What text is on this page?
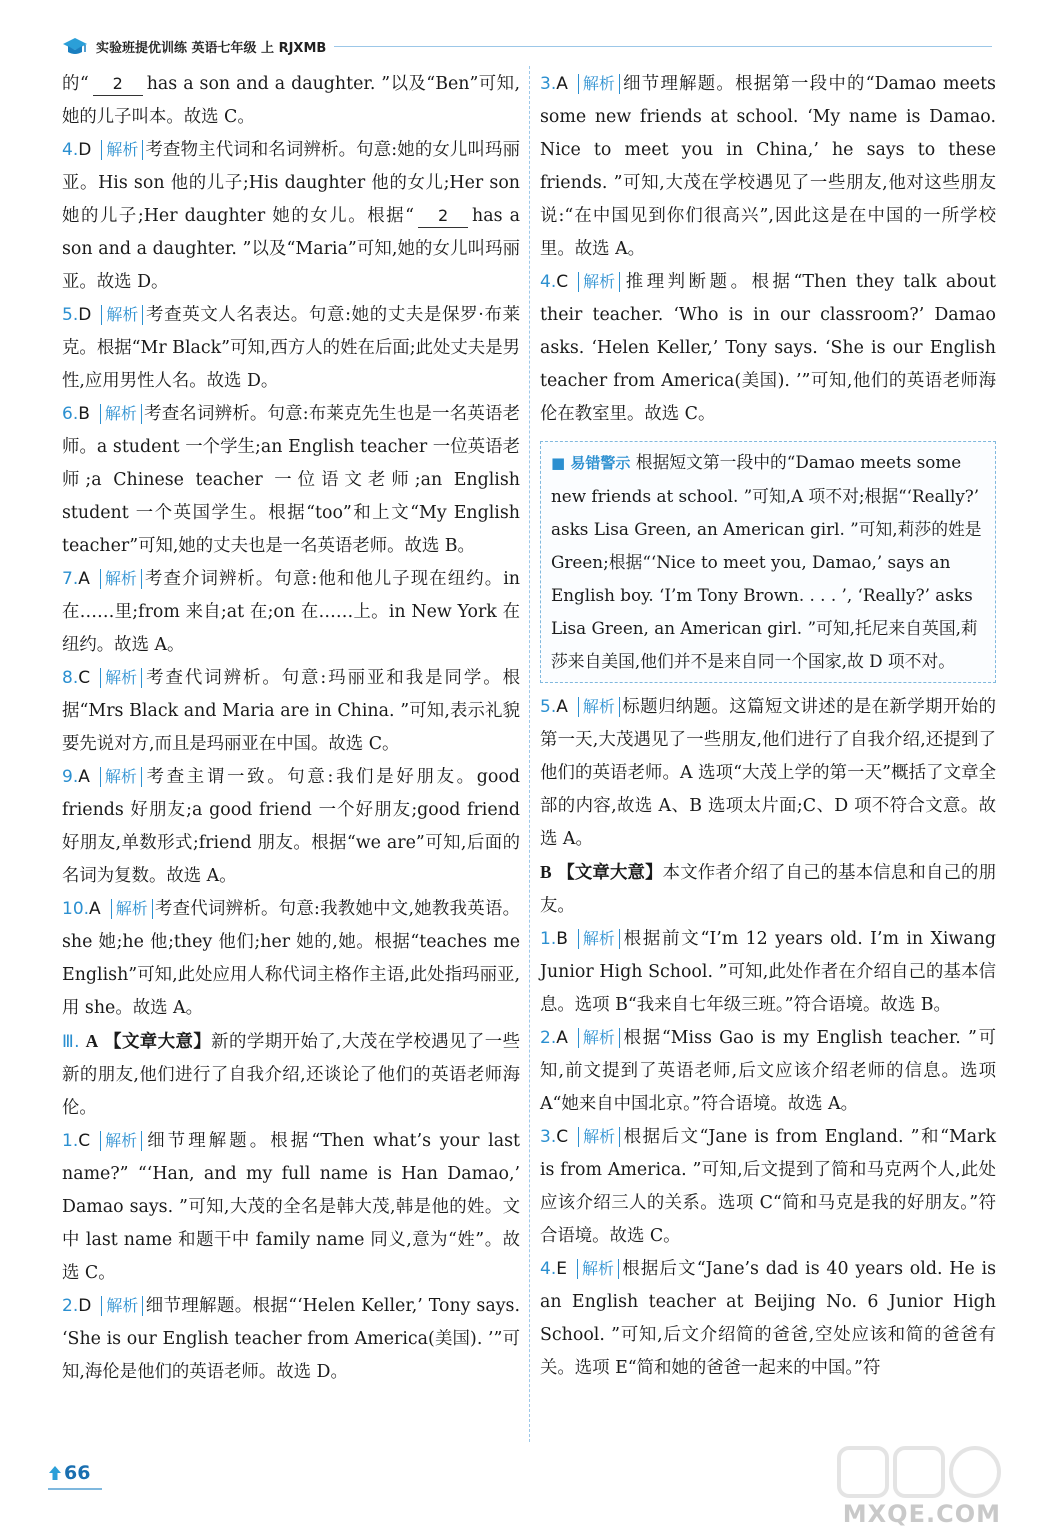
实验班提优训练 英语七年级 上 RJXMB

的“ 2 has a son and a daughter. ”以及“Ben”可知,她的儿子叫本。故选 C。

4.D 解析 考查物主代词和名词辨析。句意:她的女儿叫玛丽亚。His son 他的儿子;His daughter 他的女儿;Her son 她的儿子;Her daughter 她的女儿。根据“ 2 has a son and a daughter. ”以及“Maria”可知,她的女儿叫玛丽亚。故选 D。

5.D 解析 考查英文人名表达。句意:她的丈夫是保罗·布莱克。根据“Mr Black”可知,西方人的姓在后面;此处丈夫是男性,应用男性人名。故选 D。

6.B 解析 考查名词辨析。句意:布莱克先生也是一名英语老师。a student 一个学生;an English teacher 一位英语老师;a Chinese teacher 一位语文老师;an English student 一个英国学生。根据“too”和上文“My English teacher”可知,她的丈夫也是一名英语老师。故选 B。

7.A 解析 考查介词辨析。句意:他和他儿子现在纽约。in 在……里;from 来自;at 在;on 在……上。in New York 在纽约。故选 A。

8.C 解析 考查代词辨析。句意:玛丽亚和我是同学。根据“Mrs Black and Maria are in China. ”可知,表示礼貌要先说对方,而且是玛丽亚在中国。故选 C。

9.A 解析 考查主谓一致。句意:我们是好朋友。good friends 好朋友;a good friend 一个好朋友;good friend 好朋友,单数形式;friend 朋友。根据“we are”可知,后面的名词为复数。故选 A。

10.A 解析 考查代词辨析。句意:我教她中文,她教我英语。she 她;he 他;they 他们;her 她的,她。根据“teaches me English”可知,此处应用人称代词主格作主语,此处指玛丽亚,用 she。故选 A。

Ⅲ. A 【文章大意】新的学期开始了,大茂在学校遇见了一些新的朋友,他们进行了自我介绍,还谈论了他们的英语老师海伦。

1.C 解析 细节理解题。根据“Then what’s your last name?” “‘Han, and my full name is Han Damao,’ Damao says. ”可知,大茂的全名是韩大茂,韩是他的姓。文中 last name 和题干中 family name 同义,意为“姓”。故选 C。

2.D 解析 细节理解题。根据“‘Helen Keller,’ Tony says. ‘She is our English teacher from America(美国). ’”可知,海伦是他们的英语老师。故选 D。

3.A 解析 细节理解题。根据第一段中的“Damao meets some new friends at school. ‘My name is Damao. Nice to meet you in China,’ he says to these friends. ”可知,大茂在学校遇见了一些朋友,他对这些朋友说:“在中国见到你们很高兴”,因此这是在中国的一所学校里。故选 A。

4.C 解析 推理判断题。根据“Then they talk about their teacher. ‘Who is in our classroom?’ Damao asks. ‘Helen Keller,’ Tony says. ‘She is our English teacher from America(美国). ’”可知,他们的英语老师海伦在教室里。故选 C。

■ 易错警示 根据短文第一段中的“Damao meets some new friends at school. ”可知,A 项不对;根据“‘Really?’ asks Lisa Green, an American girl. ”可知,莉莎的姓是 Green;根据“‘Nice to meet you, Damao,’ says an English boy. ‘I’m Tony Brown. . . . ’, ‘Really?’ asks Lisa Green, an American girl. ”可知,托尼来自英国,莉莎来自美国,他们并不是来自同一个国家,故 D 项不对。

5.A 解析 标题归纳题。这篇短文讲述的是在新学期开始的第一天,大茂遇见了一些朋友,他们进行了自我介绍,还提到了他们的英语老师。A 选项“大茂上学的第一天”概括了文章全部的内容,故选 A、B 选项太片面;C、D 项不符合文意。故选 A。

B 【文章大意】本文作者介绍了自己的基本信息和自己的朋友。

1.B 解析 根据前文“I’m 12 years old. I’m in Xiwang Junior High School. ”可知,此处作者在介绍自己的基本信息。选项 B“我来自七年级三班。”符合语境。故选 B。

2.A 解析 根据“Miss Gao is my English teacher. ”可知,前文提到了英语老师,后文应该介绍老师的信息。选项 A“她来自中国北京。”符合语境。故选 A。

3.C 解析 根据后文“Jane is from England. ”和“Mark is from America. ”可知,后文提到了简和马克两个人,此处应该介绍三人的关系。选项 C“简和马克是我的好朋友。”符合语境。故选 C。

4.E 解析 根据后文“Jane’s dad is 40 years old. He is an English teacher at Beijing No. 6 Junior High School. ”可知,后文介绍简的爸爸,空处应该和简的爸爸有关。选项 E“简和她的爸爸一起来的中国。”符

66
MXQE.COM
